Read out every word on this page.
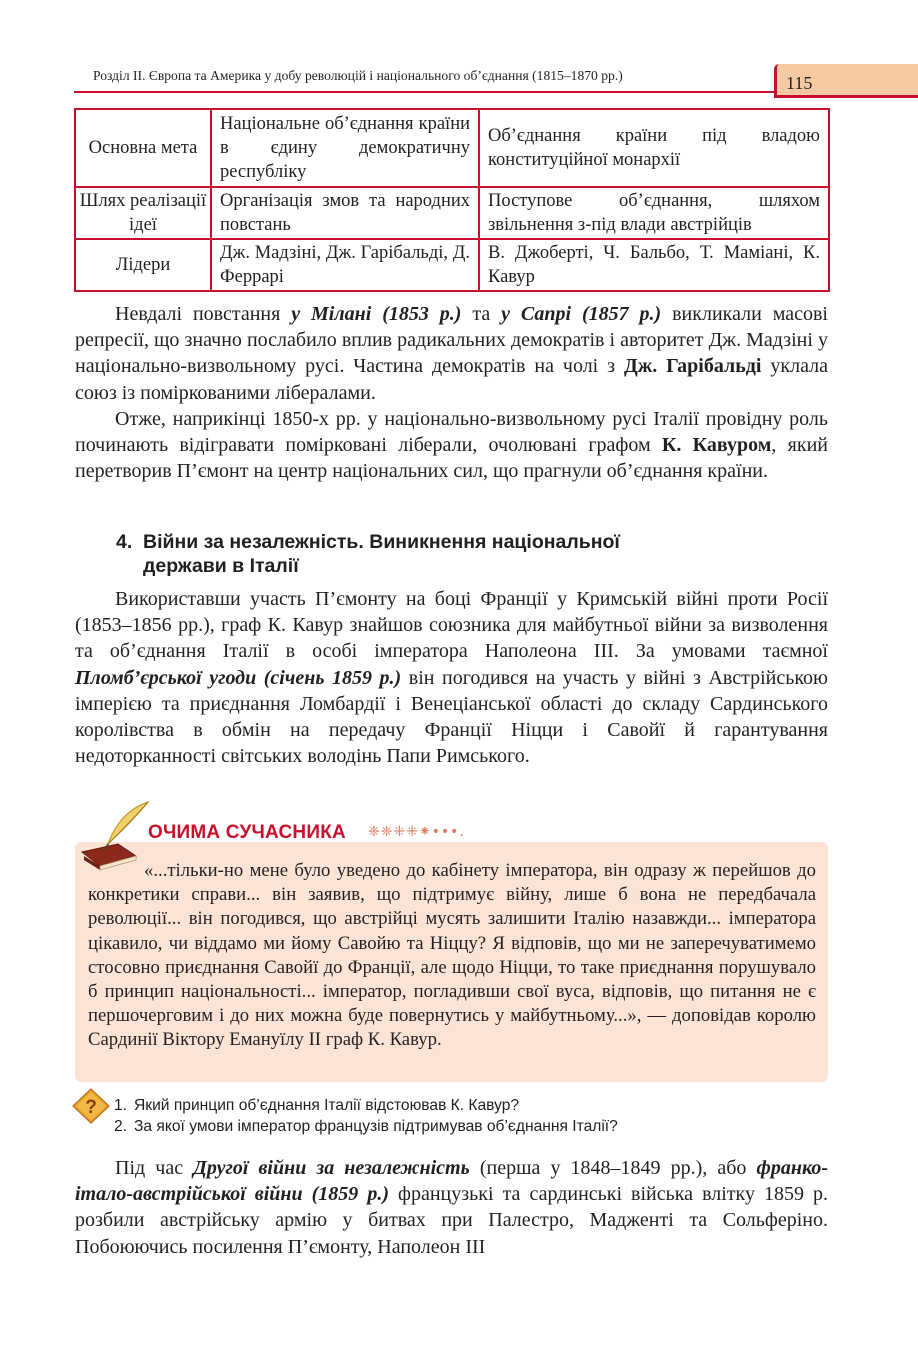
Розділ ІІ. Європа та Америка у добу революцій і національного об’єднання (1815–1870 рр.)	115
Основна мета	Національне об’єднання країни в єдину демократичну республіку	Об’єднання країни під владою конституційної монархії
Шлях реалізації ідеї	Організація змов та народних повстань	Поступове об’єднання, шляхом звільнення з-під влади австрійців
Лідери	Дж. Мадзіні, Дж. Гарібальді, Д. Феррарі	В. Джоберті, Ч. Бальбо, Т. Маміані, К. Кавур

Невдалі повстання у Мілані (1853 р.) та у Сапрі (1857 р.) викликали масові репресії, що значно послабило вплив радикальних демократів і авторитет Дж. Мадзіні у національно-визвольному русі. Частина демократів на чолі з Дж. Гарібальді уклала союз із поміркованими лібералами.

Отже, наприкінці 1850-х рр. у національно-визвольному русі Італії провідну роль починають відігравати помірковані ліберали, очолювані графом К. Кавуром, який перетворив П’ємонт на центр національних сил, що прагнули об’єднання країни.

4. Війни за незалежність. Виникнення національної
держави в Італії

Використавши участь П’ємонту на боці Франції у Кримській війні проти Росії (1853–1856 рр.), граф К. Кавур знайшов союзника для майбутньої війни за визволення та об’єднання Італії в особі імператора Наполеона ІІІ. За умовами таємної Пломб’єрської угоди (січень 1859 р.) він погодився на участь у війні з Австрійською імперією та приєднання Ломбардії і Венеціанської області до складу Сардинського королівства в обмін на передачу Франції Ніцци і Савойї й гарантування недоторканності світських володінь Папи Римського.

ОЧИМА СУЧАСНИКА ❈❈⁜⁜⁕•••.

«...тільки-но мене було уведено до кабінету імператора, він одразу ж перейшов до конкретики справи... він заявив, що підтримує війну, лише б вона не передбачала революції... він погодився, що австрійці мусять залишити Італію назавжди... імператора цікавило, чи віддамо ми йому Савойю та Ніццу? Я відповів, що ми не заперечуватимемо стосовно приєднання Савойї до Франції, але щодо Ніцци, то таке приєднання порушувало б принцип національності... імператор, погладивши свої вуса, відповів, що питання не є першочерговим і до них можна буде повернутись у майбутньому...», — доповідав королю Сардинії Віктору Емануїлу ІІ граф К. Кавур.

? 1. Який принцип об’єднання Італії відстоював К. Кавур?
2. За якої умови імператор французів підтримував об’єднання Італії?

Під час Другої війни за незалежність (перша у 1848–1849 рр.), або франко-італо-австрійської війни (1859 р.) французькі та сардинські війська влітку 1859 р. розбили австрійську армію у битвах при Палестро, Мадженті та Сольферіно. Побоюючись посилення П’ємонту, Наполеон ІІІ
